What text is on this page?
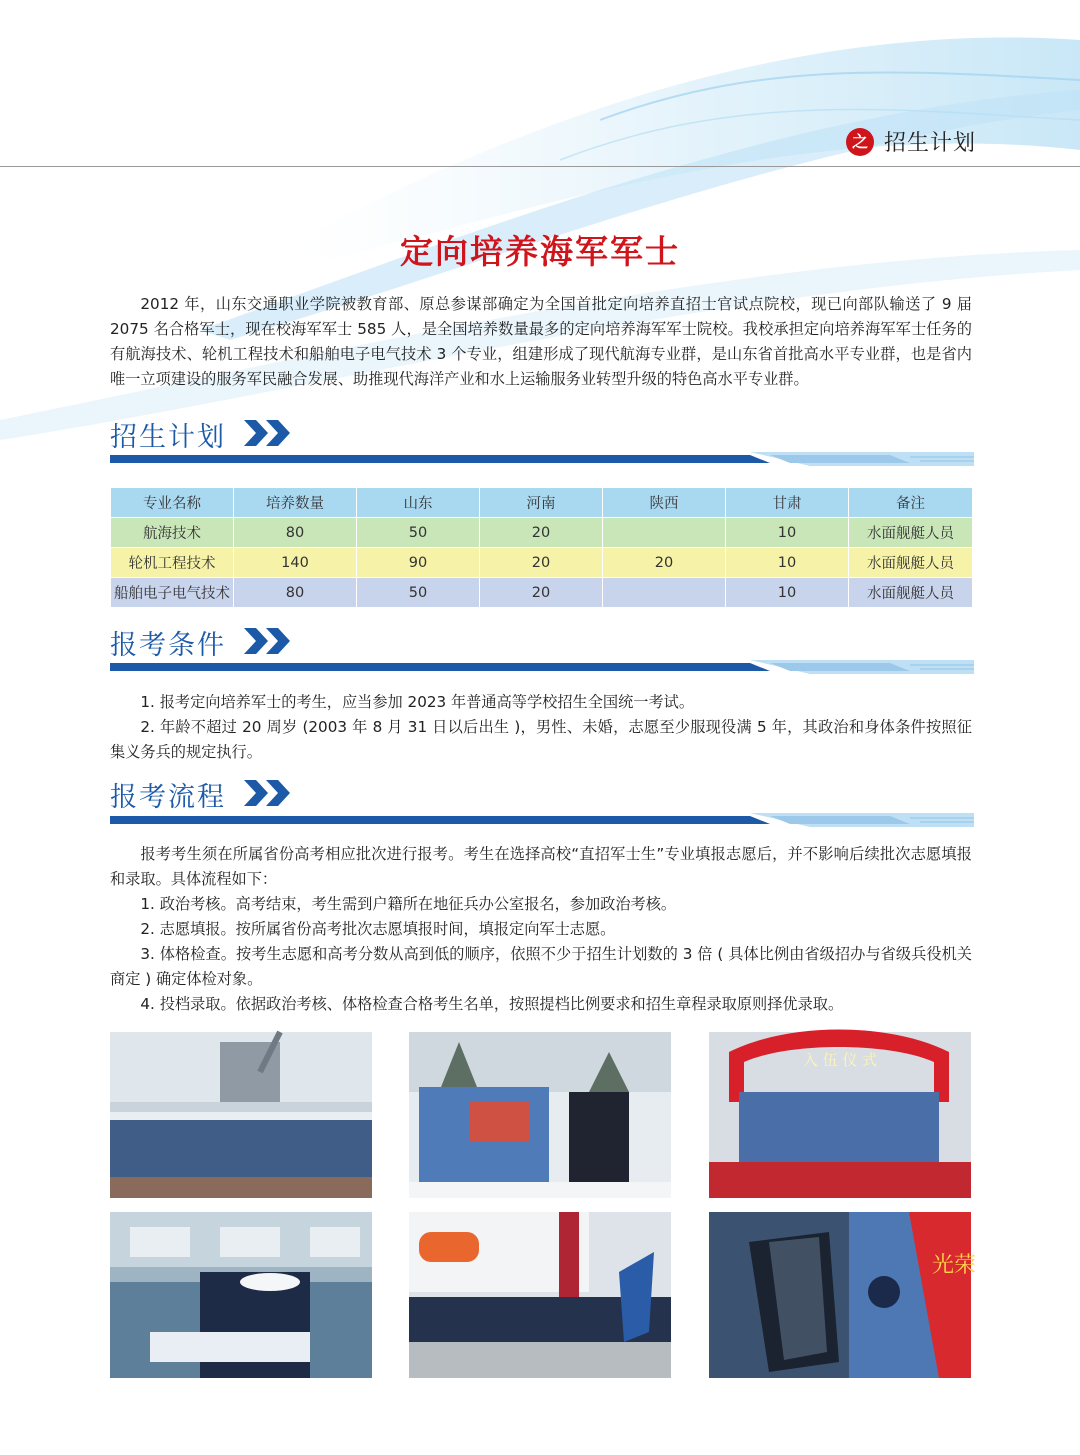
之 招生计划
定向培养海军军士
2012 年，山东交通职业学院被教育部、原总参谋部确定为全国首批定向培养直招士官试点院校，现已向部队输送了 9 届 2075 名合格军士，现在校海军军士 585 人，是全国培养数量最多的定向培养海军军士院校。我校承担定向培养海军军士任务的有航海技术、轮机工程技术和船舶电子电气技术 3 个专业，组建形成了现代航海专业群，是山东省首批高水平专业群，也是省内唯一立项建设的服务军民融合发展、助推现代海洋产业和水上运输服务业转型升级的特色高水平专业群。
招生计划
专业名称	培养数量	山东	河南	陕西	甘肃	备注
航海技术	80	50	20		10	水面舰艇人员
轮机工程技术	140	90	20	20	10	水面舰艇人员
船舶电子电气技术	80	50	20		10	水面舰艇人员
报考条件
1. 报考定向培养军士的考生，应当参加 2023 年普通高等学校招生全国统一考试。
2. 年龄不超过 20 周岁 (2003 年 8 月 31 日以后出生 )，男性、未婚，志愿至少服现役满 5 年，其政治和身体条件按照征集义务兵的规定执行。
报考流程
报考考生须在所属省份高考相应批次进行报考。考生在选择高校“直招军士生”专业填报志愿后，并不影响后续批次志愿填报和录取。具体流程如下：
1. 政治考核。高考结束，考生需到户籍所在地征兵办公室报名，参加政治考核。
2. 志愿填报。按所属省份高考批次志愿填报时间，填报定向军士志愿。
3. 体格检查。按考生志愿和高考分数从高到低的顺序，依照不少于招生计划数的 3 倍 ( 具体比例由省级招办与省级兵役机关商定 ) 确定体检对象。
4. 投档录取。依据政治考核、体格检查合格考生名单，按照提档比例要求和招生章程录取原则择优录取。
入 伍 仪 式
光荣
